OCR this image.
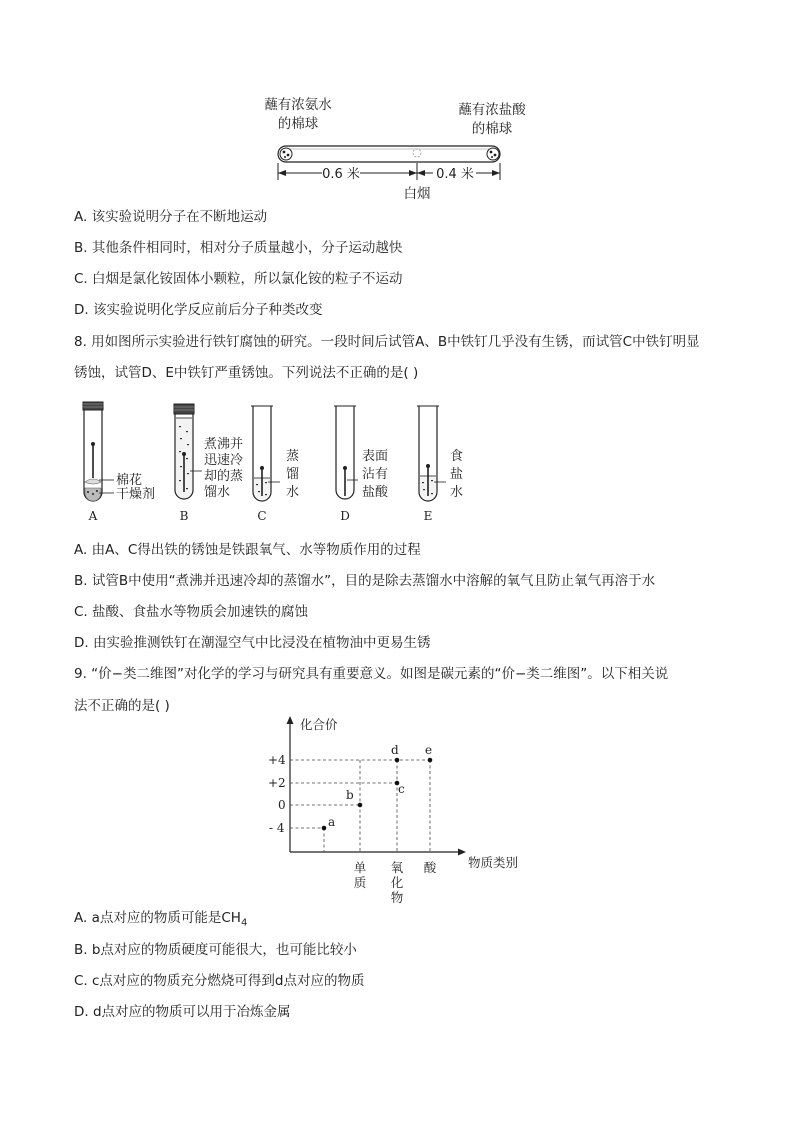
蘸有浓氨水
的棉球
蘸有浓盐酸
的棉球
0.6 米	0.4 米
白烟
A. 该实验说明分子在不断地运动
B. 其他条件相同时，相对分子质量越小，分子运动越快
C. 白烟是氯化铵固体小颗粒，所以氯化铵的粒子不运动
D. 该实验说明化学反应前后分子种类改变
8. 用如图所示实验进行铁钉腐蚀的研究。一段时间后试管A、B中铁钉几乎没有生锈，而试管C中铁钉明显
锈蚀，试管D、E中铁钉严重锈蚀。下列说法不正确的是( )
棉花
干燥剂
A
煮沸并
迅速冷
却的蒸
馏水
B
蒸
馏
水
C
表面
沾有
盐酸
D
食
盐
水
E
A. 由A、C得出铁的锈蚀是铁跟氧气、水等物质作用的过程
B. 试管B中使用“煮沸并迅速冷却的蒸馏水”，目的是除去蒸馏水中溶解的氧气且防止氧气再溶于水
C. 盐酸、食盐水等物质会加速铁的腐蚀
D. 由实验推测铁钉在潮湿空气中比浸没在植物油中更易生锈
9. “价−类二维图”对化学的学习与研究具有重要意义。如图是碳元素的“价−类二维图”。以下相关说
法不正确的是( )
化合价
物质类别
+4
+2
0
- 4	a
b	c
d e
单
质
氧
化
物
酸
A. a点对应的物质可能是$CH_4$
B. b点对应的物质硬度可能很大，也可能比较小
C. c点对应的物质充分燃烧可得到d点对应的物质
D. d点对应的物质可以用于冶炼金属
